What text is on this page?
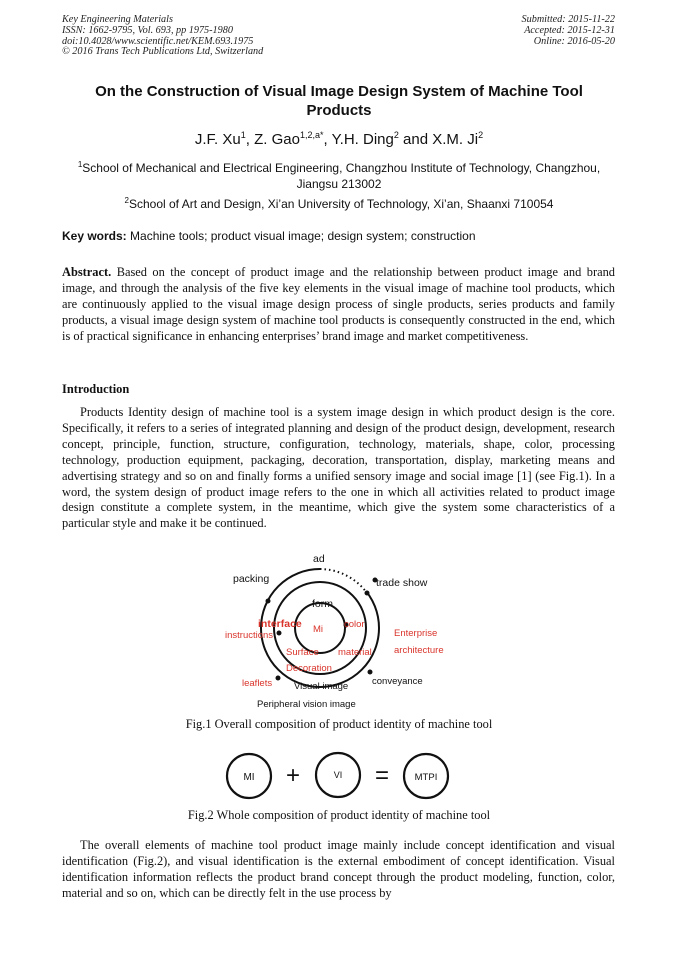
Key Engineering Materials
ISSN: 1662-9795, Vol. 693, pp 1975-1980
doi:10.4028/www.scientific.net/KEM.693.1975
© 2016 Trans Tech Publications Ltd, Switzerland
Submitted: 2015-11-22
Accepted: 2015-12-31
Online: 2016-05-20
On the Construction of Visual Image Design System of Machine Tool Products
J.F. Xu$^1$, Z. Gao$^{1,2,a*}$, Y.H. Ding$^2$ and X.M. Ji$^2$
$^1$School of Mechanical and Electrical Engineering, Changzhou Institute of Technology, Changzhou, Jiangsu 213002
$^2$School of Art and Design, Xi’an University of Technology, Xi’an, Shaanxi 710054
Key words: Machine tools; product visual image; design system; construction
Abstract. Based on the concept of product image and the relationship between product image and brand image, and through the analysis of the five key elements in the visual image of machine tool products, which are continuously applied to the visual image design process of single products, series products and family products, a visual image design system of machine tool products is consequently constructed in the end, which is of practical significance in enhancing enterprises’ brand image and market competitiveness.
Introduction
Products Identity design of machine tool is a system image design in which product design is the core. Specifically, it refers to a series of integrated planning and design of the product design, development, research concept, principle, function, structure, configuration, technology, materials, shape, color, processing technology, production equipment, packaging, decoration, transportation, display, marketing means and advertising strategy and so on and finally forms a unified sensory image and social image [1] (see Fig.1). In a word, the system design of product image refers to the one in which all activities related to product image design constitute a complete system, in the meantime, which give the system some characteristics of a particular style and make it be continued.
ad
packing	trade show
form
interface Mi color
instructions	Enterprise
architecture
Surface material
Decoration
leaflets Visual image	conveyance
Peripheral vision image
Fig.1 Overall composition of product identity of machine tool
MI +	VI =	MTPI
Fig.2 Whole composition of product identity of machine tool
The overall elements of machine tool product image mainly include concept identification and visual identification (Fig.2), and visual identification is the external embodiment of concept identification. Visual identification information reflects the product brand concept through the product modeling, function, color, material and so on, which can be directly felt in the use process by
